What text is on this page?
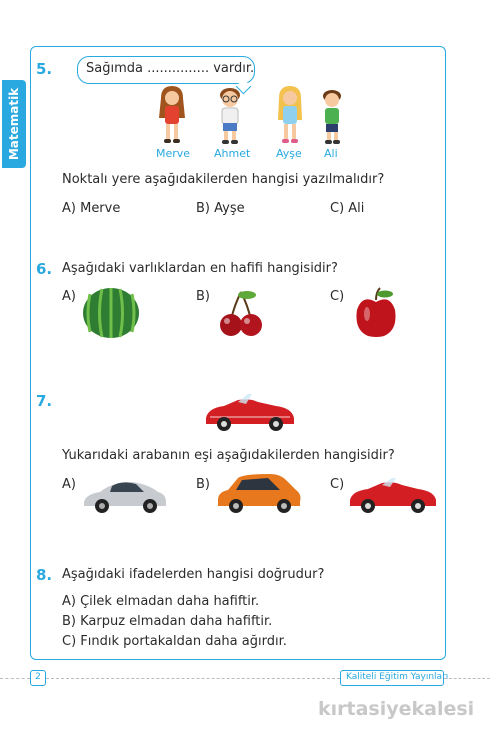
Matematik
5.	Sağımda ............... vardır.
Merve Ahmet Ayşe Ali
Noktalı yere aşağıdakilerden hangisi yazılmalıdır?
A) Merve	B) Ayşe	C) Ali
6. Aşağıdaki varlıklardan en hafifi hangisidir?
A)	B)	C)
7.
Yukarıdaki arabanın eşi aşağıdakilerden hangisidir?
A)	B)	C)
8. Aşağıdaki ifadelerden hangisi doğrudur?
A) Çilek elmadan daha hafiftir.
B) Karpuz elmadan daha hafiftir.
C) Fındık portakaldan daha ağırdır.
2	Kaliteli Eğitim Yayınları
kırtasiyekalesi
